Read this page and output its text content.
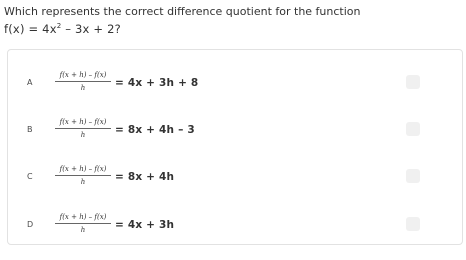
Which represents the correct difference quotient for the function
$f(x) = 4x^2 - 3x + 2$?
A	$\frac{f(x + h) - f(x)}{h} = 4x + 3h + 8$
B	$\frac{f(x + h) - f(x)}{h} = 8x + 4h - 3$
C	$\frac{f(x + h) - f(x)}{h} = 8x + 4h$
D	$\frac{f(x + h) - f(x)}{h} = 4x + 3h$
